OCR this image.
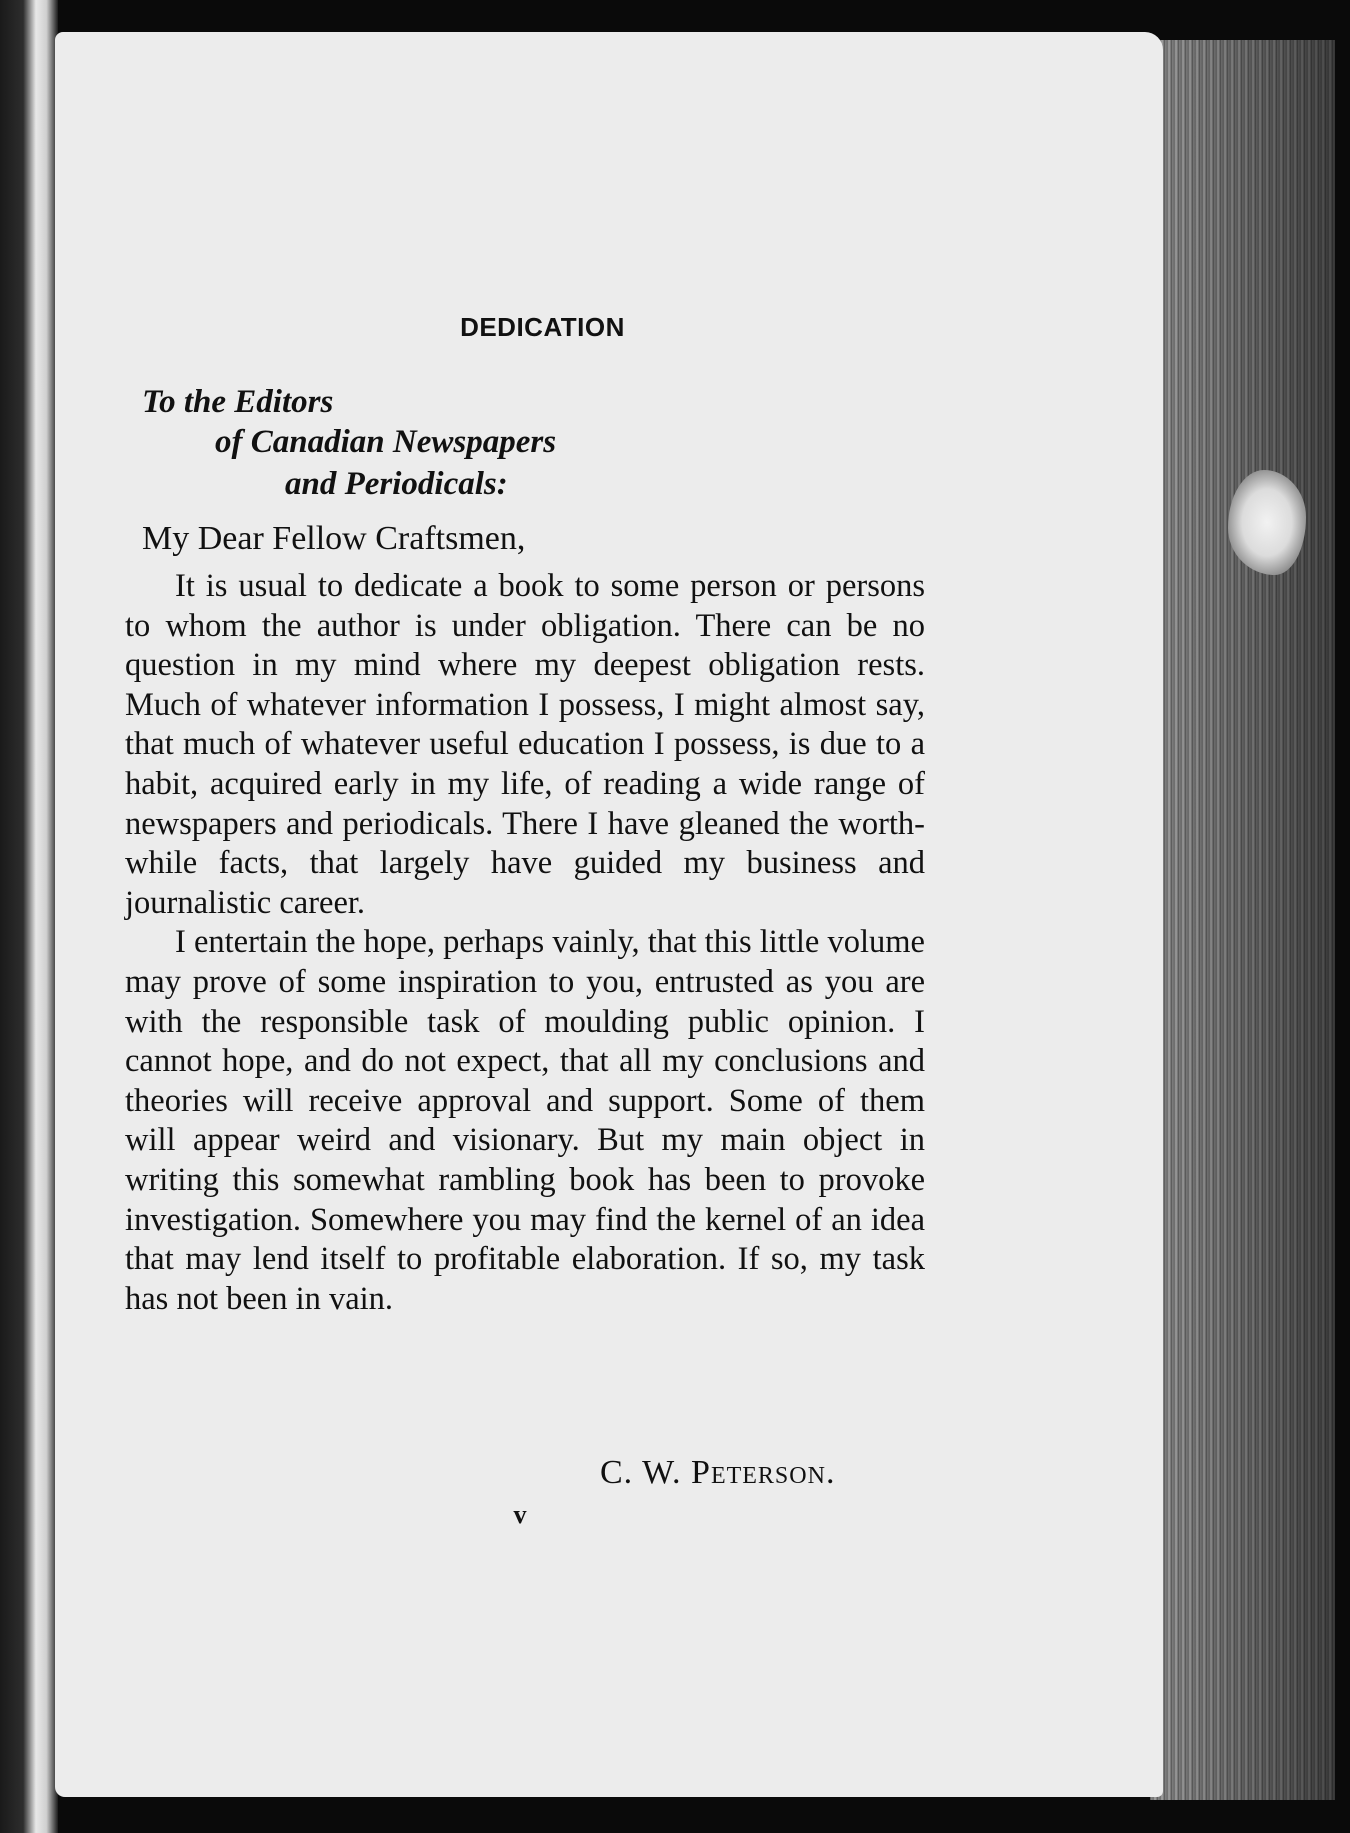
DEDICATION
To the Editors
of Canadian Newspapers
and Periodicals:
My Dear Fellow Craftsmen,

It is usual to dedicate a book to some person or persons to whom the author is under obligation. There can be no question in my mind where my deepest obligation rests. Much of whatever information I possess, I might almost say, that much of whatever useful education I possess, is due to a habit, acquired early in my life, of reading a wide range of newspapers and periodicals. There I have gleaned the worth-while facts, that largely have guided my business and journalistic career.

I entertain the hope, perhaps vainly, that this little volume may prove of some inspiration to you, entrusted as you are with the responsible task of moulding public opinion. I cannot hope, and do not expect, that all my conclusions and theories will receive approval and support. Some of them will appear weird and visionary. But my main object in writing this somewhat rambling book has been to provoke investigation. Somewhere you may find the kernel of an idea that may lend itself to profitable elaboration. If so, my task has not been in vain.

C. W. Peterson.
v
